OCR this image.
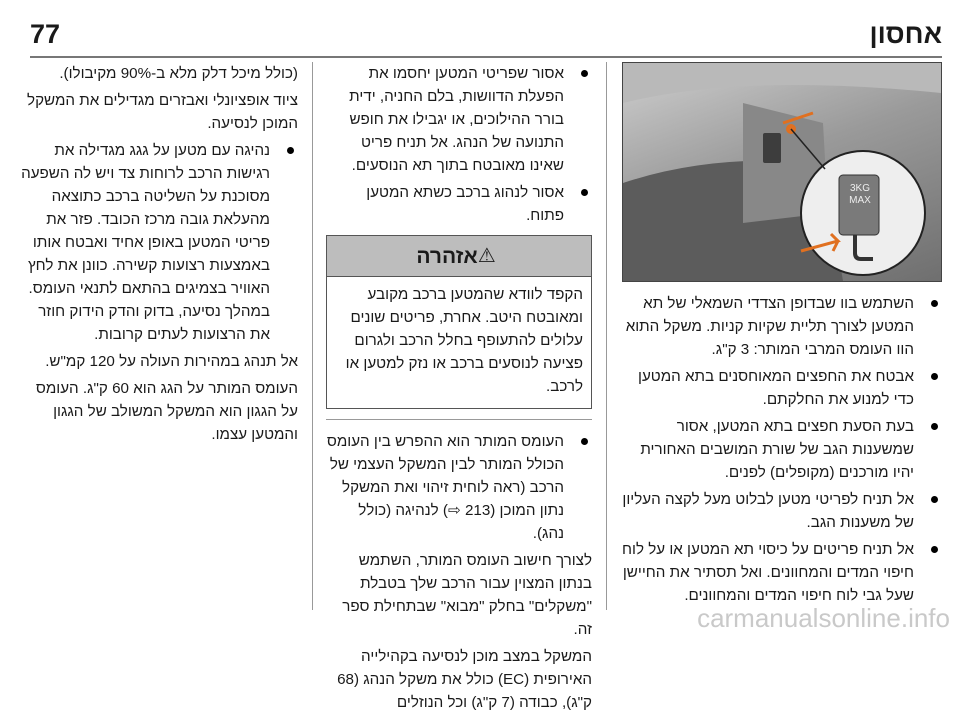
אחסון
77
3KG
MAX
השתמש בוו שבדופן הצדדי השמאלי של תא המטען לצורך תליית שקיות קניות. משקל התוא הוו העומס המרבי המותר: 3 ק"ג.
אבטח את החפצים המאוחסנים בתא המטען כדי למנוע את החלקתם.
בעת הסעת חפצים בתא המטען, אסור שמשענות הגב של שורת המושבים האחורית יהיו מורכנים (מקופלים) לפנים.
אל תניח לפריטי מטען לבלוט מעל לקצה העליון של משענות הגב.
אל תניח פריטים על כיסוי תא המטען או על לוח חיפוי המדים והמחוונים. ואל תסתיר את החיישן שעל גבי לוח חיפוי המדים והמחוונים.
אסור שפריטי המטען יחסמו את הפעלת הדוושות, בלם החניה, ידית בורר ההילוכים, או יגבילו את חופש התנועה של הנהג. אל תניח פריט שאינו מאובטח בתוך תא הנוסעים.
אסור לנהוג ברכב כשתא המטען פתוח.
⚠
אזהרה
הקפד לוודא שהמטען ברכב מקובע ומאובטח היטב. אחרת, פריטים שונים עלולים להתעופף בחלל הרכב ולגרום פציעה לנוסעים ברכב או נזק למטען או לרכב.
העומס המותר הוא ההפרש בין העומס הכולל המותר לבין המשקל העצמי של הרכב (ראה לוחית זיהוי ואת המשקל נתון המוכן (213 ⇨) לנהיגה (כולל נהג).

לצורך חישוב העומס המותר, השתמש בנתון המצוין עבור הרכב שלך בטבלת "משקלים" בחלק "מבוא" שבתחילת ספר זה.

המשקל במצב מוכן לנסיעה בקהילייה האירופית (EC) כולל את משקל הנהג (68 ק"ג), כבודה (7 ק"ג) וכל הנוזלים

(כולל מיכל דלק מלא ב-90% מקיבולו).

ציוד אופציונלי ואבזרים מגדילים את המשקל המוכן לנסיעה.

נהיגה עם מטען על גגג מגדילה את רגישות הרכב לרוחות צד ויש לה השפעה מסוכנת על השליטה ברכב כתוצאה מהעלאת גובה מרכז הכובד. פזר את פריטי המטען באופן אחיד ואבטח אותו באמצעות רצועות קשירה. כוונן את לחץ האוויר בצמיגים בהתאם לתנאי העומס. במהלך נסיעה, בדוק והדק הידוק חוזר את הרצועות לעתים קרובות.

אל תנהג במהירות העולה על 120 קמ"ש.

העומס המותר על הגג הוא 60 ק"ג. העומס על הגגון הוא המשקל המשולב של הגגון והמטען עצמו.

carmanualsonline.info
